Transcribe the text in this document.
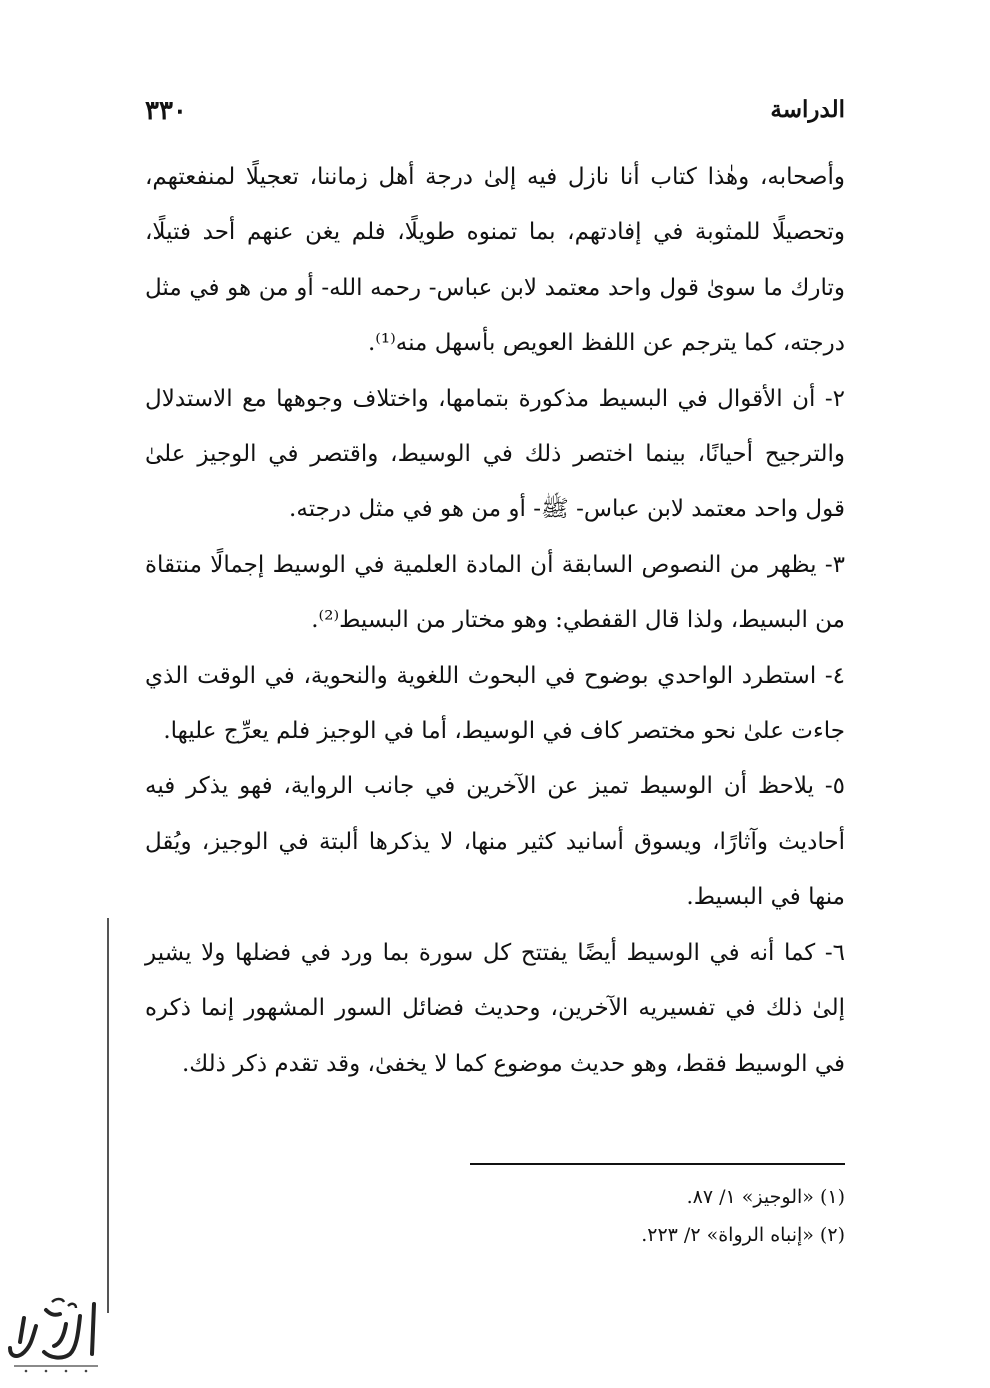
الدراسة
٣٣٠

وأصحابه، وهٰذا كتاب أنا نازل فيه إلىٰ درجة أهل زماننا، تعجيلًا لمنفعتهم، وتحصيلًا للمثوبة في إفادتهم، بما تمنوه طويلًا، فلم يغن عنهم أحد فتيلًا، وتارك ما سوىٰ قول واحد معتمد لابن عباس- رحمه الله- أو من هو في مثل درجته، كما يترجم عن اللفظ العويص بأسهل منه⁽¹⁾.

٢- أن الأقوال في البسيط مذكورة بتمامها، واختلاف وجوهها مع الاستدلال والترجيح أحيانًا، بينما اختصر ذلك في الوسيط، واقتصر في الوجيز علىٰ قول واحد معتمد لابن عباس- ﷺ- أو من هو في مثل درجته.

٣- يظهر من النصوص السابقة أن المادة العلمية في الوسيط إجمالًا منتقاة من البسيط، ولذا قال القفطي: وهو مختار من البسيط⁽²⁾.

٤- استطرد الواحدي بوضوح في البحوث اللغوية والنحوية، في الوقت الذي جاءت علىٰ نحو مختصر كاف في الوسيط، أما في الوجيز فلم يعرِّج عليها.

٥- يلاحظ أن الوسيط تميز عن الآخرين في جانب الرواية، فهو يذكر فيه أحاديث وآثارًا، ويسوق أسانيد كثير منها، لا يذكرها ألبتة في الوجيز، ويُقل منها في البسيط.

٦- كما أنه في الوسيط أيضًا يفتتح كل سورة بما ورد في فضلها ولا يشير إلىٰ ذلك في تفسيريه الآخرين، وحديث فضائل السور المشهور إنما ذكره في الوسيط فقط، وهو حديث موضوع كما لا يخفىٰ، وقد تقدم ذكر ذلك.

(١) «الوجيز» ١/ ٨٧.

(٢) «إنباه الرواة» ٢/ ٢٢٣.
